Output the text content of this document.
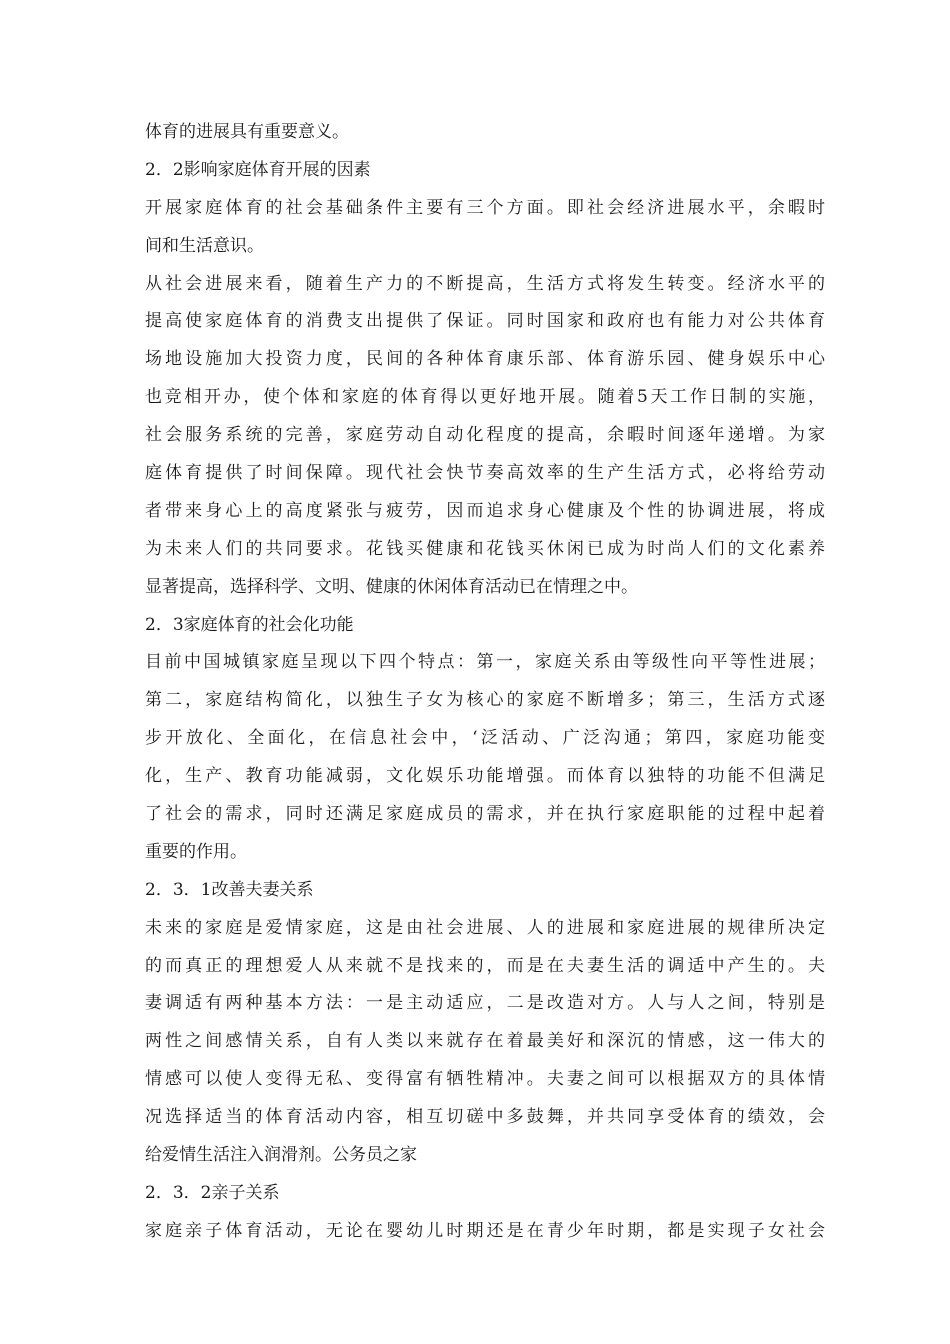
体育的进展具有重要意义。
2．2影响家庭体育开展的因素
开展家庭体育的社会基础条件主要有三个方面。即社会经济进展水平，余暇时
间和生活意识。
从社会进展来看，随着生产力的不断提高，生活方式将发生转变。经济水平的
提高使家庭体育的消费支出提供了保证。同时国家和政府也有能力对公共体育
场地设施加大投资力度，民间的各种体育康乐部、体育游乐园、健身娱乐中心
也竞相开办，使个体和家庭的体育得以更好地开展。随着5天工作日制的实施，
社会服务系统的完善，家庭劳动自动化程度的提高，余暇时间逐年递增。为家
庭体育提供了时间保障。现代社会快节奏高效率的生产生活方式，必将给劳动
者带来身心上的高度紧张与疲劳，因而追求身心健康及个性的协调进展，将成
为未来人们的共同要求。花钱买健康和花钱买休闲已成为时尚人们的文化素养
显著提高，选择科学、文明、健康的休闲体育活动已在情理之中。
2．3家庭体育的社会化功能
目前中国城镇家庭呈现以下四个特点：第一，家庭关系由等级性向平等性进展；
第二，家庭结构简化，以独生子女为核心的家庭不断增多；第三，生活方式逐
步开放化、全面化，在信息社会中，‘泛活动、广泛沟通；第四，家庭功能变
化，生产、教育功能减弱，文化娱乐功能增强。而体育以独特的功能不但满足
了社会的需求，同时还满足家庭成员的需求，并在执行家庭职能的过程中起着
重要的作用。
2．3．1改善夫妻关系
未来的家庭是爱情家庭，这是由社会进展、人的进展和家庭进展的规律所决定
的而真正的理想爱人从来就不是找来的，而是在夫妻生活的调适中产生的。夫
妻调适有两种基本方法：一是主动适应，二是改造对方。人与人之间，特别是
两性之间感情关系，自有人类以来就存在着最美好和深沉的情感，这一伟大的
情感可以使人变得无私、变得富有牺牲精冲。夫妻之间可以根据双方的具体情
况选择适当的体育活动内容，相互切磋中多鼓舞，并共同享受体育的绩效，会
给爱情生活注入润滑剂。公务员之家
2．3．2亲子关系
家庭亲子体育活动，无论在婴幼儿时期还是在青少年时期，都是实现子女社会
